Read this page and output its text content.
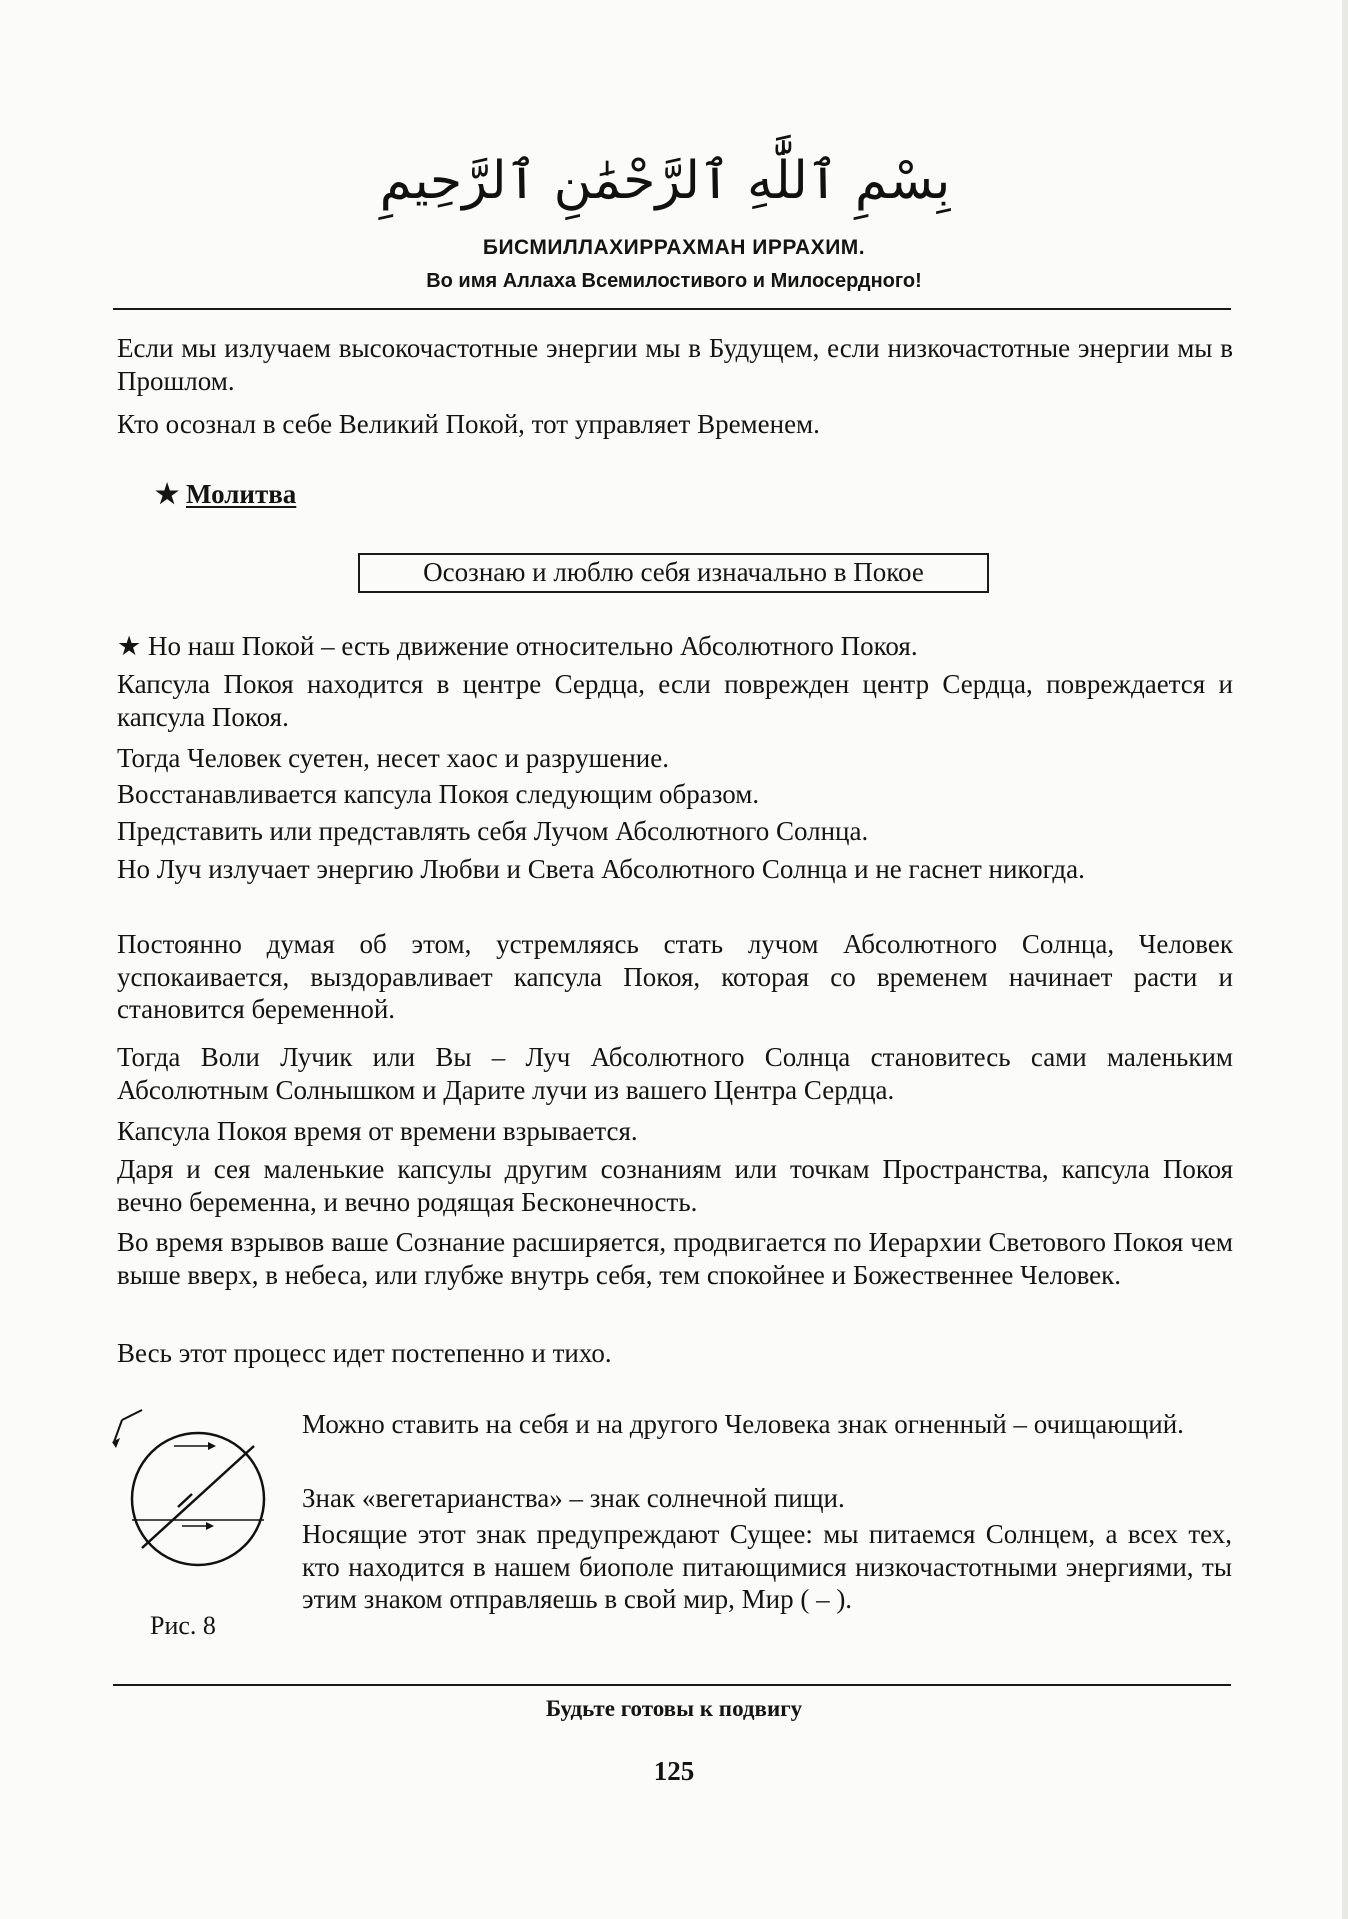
بِسْمِ ٱللَّٰهِ ٱلرَّحْمَٰنِ ٱلرَّحِيمِ
БИСМИЛЛАХИРРАХМАН ИРРАХИМ.
Во имя Аллаха Всемилостивого и Милосердного!

Если мы излучаем высокочастотные энергии мы в Будущем, если низкочастотные энергии мы в Прошлом.

Кто осознал в себе Великий Покой, тот управляет Временем.

★ Молитва
Осознаю и люблю себя изначально в Покое

★ Но наш Покой – есть движение относительно Абсолютного Покоя.

Капсула Покоя находится в центре Сердца, если поврежден центр Сердца, повреждается и капсула Покоя.

Тогда Человек суетен, несет хаос и разрушение.

Восстанавливается капсула Покоя следующим образом.

Представить или представлять себя Лучом Абсолютного Солнца.

Но Луч излучает энергию Любви и Света Абсолютного Солнца и не гаснет никогда.

Постоянно думая об этом, устремляясь стать лучом Абсолютного Солнца, Человек успокаивается, выздоравливает капсула Покоя, которая со временем начинает расти и становится беременной.

Тогда Воли Лучик или Вы – Луч Абсолютного Солнца становитесь сами маленьким Абсолютным Солнышком и Дарите лучи из вашего Центра Сердца.

Капсула Покоя время от времени взрывается.

Даря и сея маленькие капсулы другим сознаниям или точкам Пространства, капсула Покоя вечно беременна, и вечно родящая Бесконечность.

Во время взрывов ваше Сознание расширяется, продвигается по Иерархии Светового Покоя чем выше вверх, в небеса, или глубже внутрь себя, тем спокойнее и Божественнее Человек.

Весь этот процесс идет постепенно и тихо.

Рис. 8

Можно ставить на себя и на другого Человека знак огненный – очищающий.

Знак «вегетарианства» – знак солнечной пищи.

Носящие этот знак предупреждают Сущее: мы питаемся Солнцем, а всех тех, кто находится в нашем биополе питающимися низкочастотными энергиями, ты этим знаком отправляешь в свой мир, Мир ( – ).

Будьте готовы к подвигу
125
